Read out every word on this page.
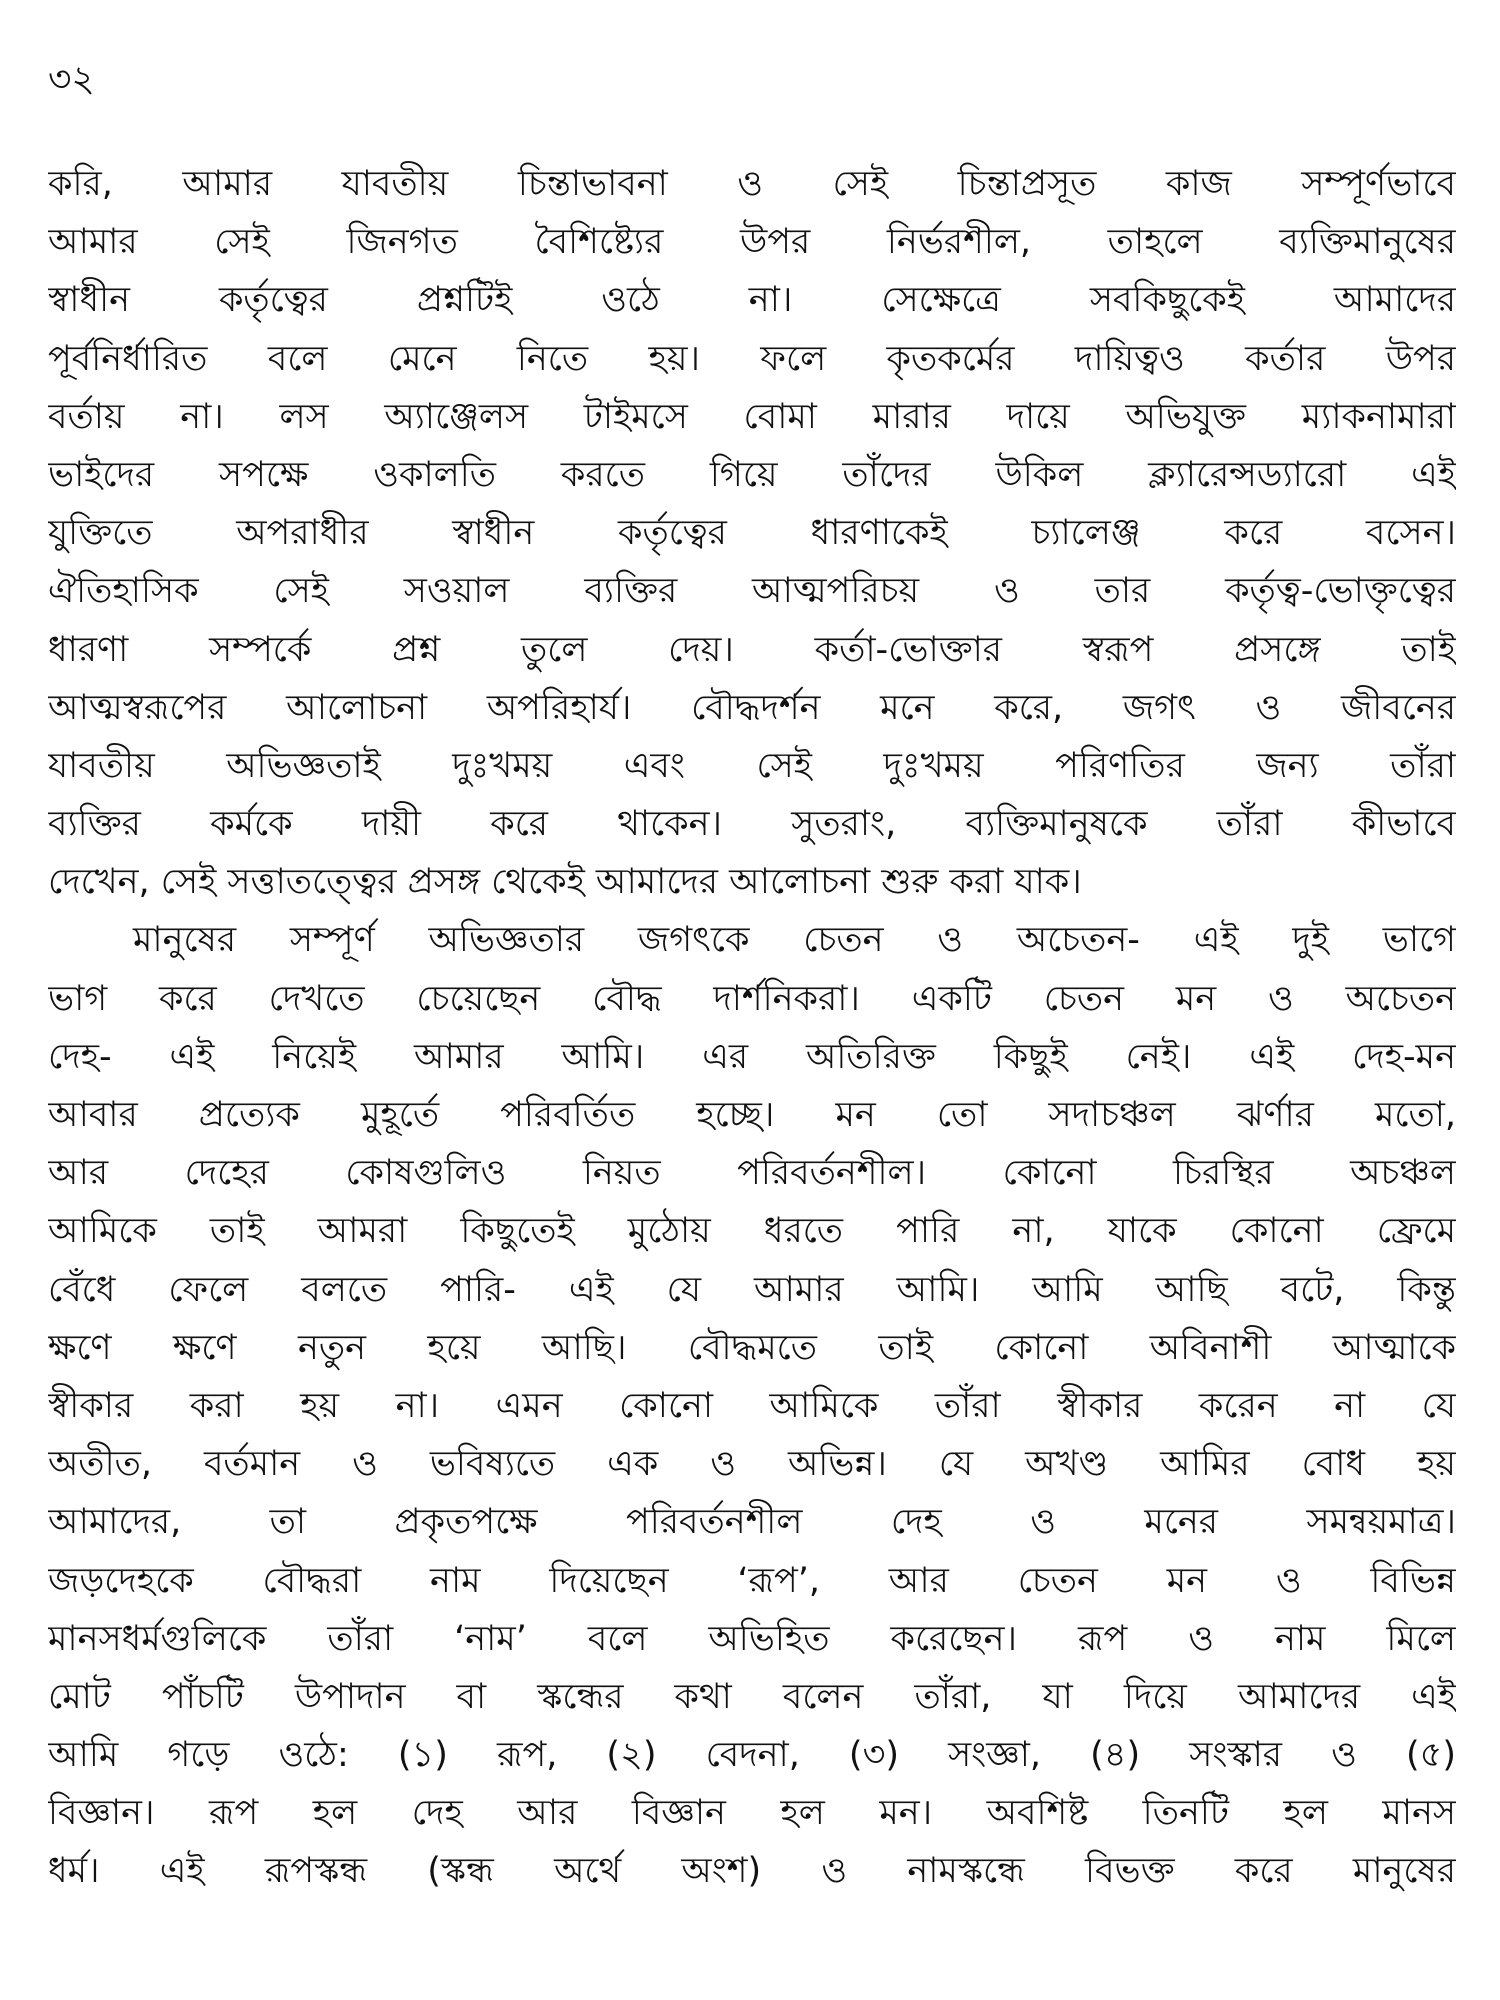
৩২
করি, আমার যাবতীয় চিন্তাভাবনা ও সেই চিন্তাপ্রসূত কাজ সম্পূর্ণভাবে
আমার সেই জিনগত বৈশিষ্ট্যের উপর নির্ভরশীল, তাহলে ব্যক্তিমানুষের
স্বাধীন কর্তৃত্বের প্রশ্নটিই ওঠে না। সেক্ষেত্রে সবকিছুকেই আমাদের
পূর্বনির্ধারিত বলে মেনে নিতে হয়। ফলে কৃতকর্মের দায়িত্বও কর্তার উপর
বর্তায় না। লস অ্যাঞ্জেলস টাইমসে বোমা মারার দায়ে অভিযুক্ত ম্যাকনামারা
ভাইদের সপক্ষে ওকালতি করতে গিয়ে তাঁদের উকিল ক্ল্যারেন্সড্যারো এই
যুক্তিতে অপরাধীর স্বাধীন কর্তৃত্বের ধারণাকেই চ্যালেঞ্জ করে বসেন।
ঐতিহাসিক সেই সওয়াল ব্যক্তির আত্মপরিচয় ও তার কর্তৃত্ব-ভোক্তৃত্বের
ধারণা সম্পর্কে প্রশ্ন তুলে দেয়। কর্তা-ভোক্তার স্বরূপ প্রসঙ্গে তাই
আত্মস্বরূপের আলোচনা অপরিহার্য। বৌদ্ধদর্শন মনে করে, জগৎ ও জীবনের
যাবতীয় অভিজ্ঞতাই দুঃখময় এবং সেই দুঃখময় পরিণতির জন্য তাঁরা
ব্যক্তির কর্মকে দায়ী করে থাকেন। সুতরাং, ব্যক্তিমানুষকে তাঁরা কীভাবে
দেখেন, সেই সত্তাতত্ত্বের প্রসঙ্গ থেকেই আমাদের আলোচনা শুরু করা যাক।
মানুষের সম্পূর্ণ অভিজ্ঞতার জগৎকে চেতন ও অচেতন- এই দুই ভাগে
ভাগ করে দেখতে চেয়েছেন বৌদ্ধ দার্শনিকরা। একটি চেতন মন ও অচেতন
দেহ- এই নিয়েই আমার আমি। এর অতিরিক্ত কিছুই নেই। এই দেহ-মন
আবার প্রত্যেক মুহূর্তে পরিবর্তিত হচ্ছে। মন তো সদাচঞ্চল ঝর্ণার মতো,
আর দেহের কোষগুলিও নিয়ত পরিবর্তনশীল। কোনো চিরস্থির অচঞ্চল
আমিকে তাই আমরা কিছুতেই মুঠোয় ধরতে পারি না, যাকে কোনো ফ্রেমে
বেঁধে ফেলে বলতে পারি- এই যে আমার আমি। আমি আছি বটে, কিন্তু
ক্ষণে ক্ষণে নতুন হয়ে আছি। বৌদ্ধমতে তাই কোনো অবিনাশী আত্মাকে
স্বীকার করা হয় না। এমন কোনো আমিকে তাঁরা স্বীকার করেন না যে
অতীত, বর্তমান ও ভবিষ্যতে এক ও অভিন্ন। যে অখণ্ড আমির বোধ হয়
আমাদের, তা প্রকৃতপক্ষে পরিবর্তনশীল দেহ ও মনের সমন্বয়মাত্র।
জড়দেহকে বৌদ্ধরা নাম দিয়েছেন ‘রূপ’, আর চেতন মন ও বিভিন্ন
মানসধর্মগুলিকে তাঁরা ‘নাম’ বলে অভিহিত করেছেন। রূপ ও নাম মিলে
মোট পাঁচটি উপাদান বা স্কন্ধের কথা বলেন তাঁরা, যা দিয়ে আমাদের এই
আমি গড়ে ওঠে: (১) রূপ, (২) বেদনা, (৩) সংজ্ঞা, (৪) সংস্কার ও (৫)
বিজ্ঞান। রূপ হল দেহ আর বিজ্ঞান হল মন। অবশিষ্ট তিনটি হল মানস
ধর্ম। এই রূপস্কন্ধ (স্কন্ধ অর্থে অংশ) ও নামস্কন্ধে বিভক্ত করে মানুষের
